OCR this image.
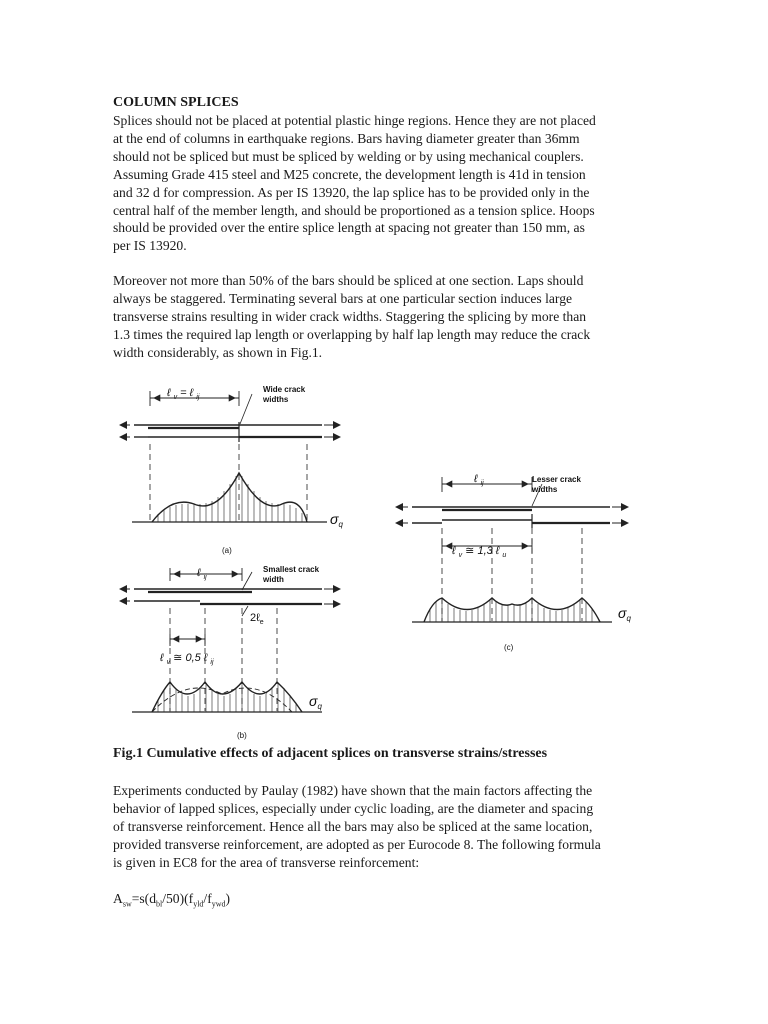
COLUMN SPLICES

Splices should not be placed at potential plastic hinge regions. Hence they are not placed

at the end of columns in earthquake regions. Bars having diameter greater than 36mm

should not be spliced but must be spliced by welding or by using mechanical couplers.

Assuming Grade 415 steel and M25 concrete, the development length is 41d in tension

and 32 d for compression. As per IS 13920, the lap splice has to be provided only in the

central half of the member length, and should be proportioned as a tension splice. Hoops

should be provided over the entire splice length at spacing not greater than 150 mm, as

per IS 13920.

Moreover not more than 50% of the bars should be spliced at one section. Laps should

always be staggered. Terminating several bars at one particular section induces large

transverse strains resulting in wider crack widths. Staggering the splicing by more than

1.3 times the required lap length or overlapping by half lap length may reduce the crack

width considerably, as shown in Fig.1.

ℓ $_v$ = ℓ $_{ij}$
Wide crack
widths
$\sigma_q$
(a)
ℓ $_{ij}$
Smallest crack
width
2ℓ$_e$
ℓ $_v$ ≅ 0,5 ℓ $_{ij}$
$\sigma_q$
(b)
ℓ $_{ij}$	Lesser crack
widths
ℓ $_v$ ≅ 1,3 ℓ $_u$
$\sigma_q$
(c)

Fig.1 Cumulative effects of adjacent splices on transverse strains/stresses

Experiments conducted by Paulay (1982) have shown that the main factors affecting the

behavior of lapped splices, especially under cyclic loading, are the diameter and spacing

of transverse reinforcement. Hence all the bars may also be spliced at the same location,

provided transverse reinforcement, are adopted as per Eurocode 8. The following formula

is given in EC8 for the area of transverse reinforcement:

$A_{sw}=s(d_{bl}/50)(f_{yld}/f_{ywd})$
